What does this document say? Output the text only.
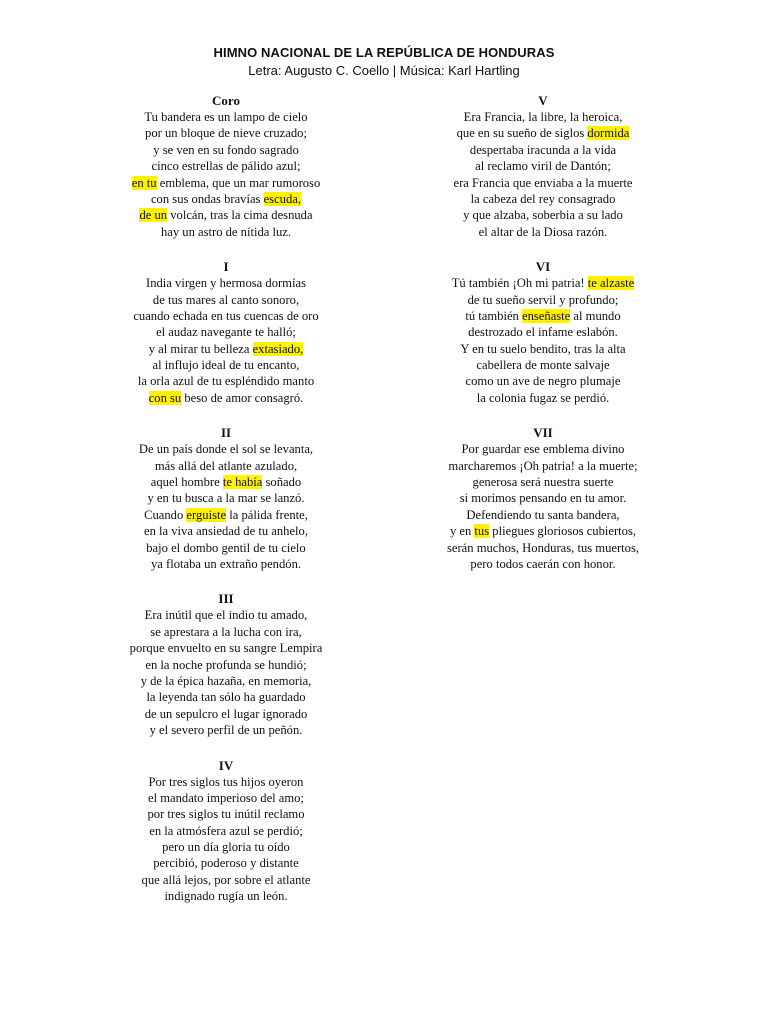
HIMNO NACIONAL DE LA REPÚBLICA DE HONDURAS
Letra: Augusto C. Coello | Música: Karl Hartling
Coro
Tu bandera es un lampo de cielo
por un bloque de nieve cruzado;
y se ven en su fondo sagrado
cinco estrellas de pálido azul;
en tu emblema, que un mar rumoroso
con sus ondas bravías escuda,
de un volcán, tras la cima desnuda
hay un astro de nítida luz.
I
India virgen y hermosa dormías
de tus mares al canto sonoro,
cuando echada en tus cuencas de oro
el audaz navegante te halló;
y al mirar tu belleza extasiado,
al influjo ideal de tu encanto,
la orla azul de tu espléndido manto
con su beso de amor consagró.
II
De un país donde el sol se levanta,
más allá del atlante azulado,
aquel hombre te había soñado
y en tu busca a la mar se lanzó.
Cuando erguiste la pálida frente,
en la viva ansiedad de tu anhelo,
bajo el dombo gentil de tu cielo
ya flotaba un extraño pendón.
III
Era inútil que el indio tu amado,
se aprestara a la lucha con ira,
porque envuelto en su sangre Lempira
en la noche profunda se hundió;
y de la épica hazaña, en memoria,
la leyenda tan sólo ha guardado
de un sepulcro el lugar ignorado
y el severo perfil de un peñón.
IV
Por tres siglos tus hijos oyeron
el mandato imperioso del amo;
por tres siglos tu inútil reclamo
en la atmósfera azul se perdió;
pero un día gloria tu oído
percibió, poderoso y distante
que allá lejos, por sobre el atlante
indignado rugía un león.
V
Era Francia, la libre, la heroica,
que en su sueño de siglos dormida
despertaba iracunda a la vida
al reclamo viril de Dantón;
era Francia que enviaba a la muerte
la cabeza del rey consagrado
y que alzaba, soberbia a su lado
el altar de la Diosa razón.
VI
Tú también ¡Oh mi patria! te alzaste
de tu sueño servil y profundo;
tú también enseñaste al mundo
destrozado el infame eslabón.
Y en tu suelo bendito, tras la alta
cabellera de monte salvaje
como un ave de negro plumaje
la colonia fugaz se perdió.
VII
Por guardar ese emblema divino
marcharemos ¡Oh patria! a la muerte;
generosa será nuestra suerte
si morimos pensando en tu amor.
Defendiendo tu santa bandera,
y en tus pliegues gloriosos cubiertos,
serán muchos, Honduras, tus muertos,
pero todos caerán con honor.
